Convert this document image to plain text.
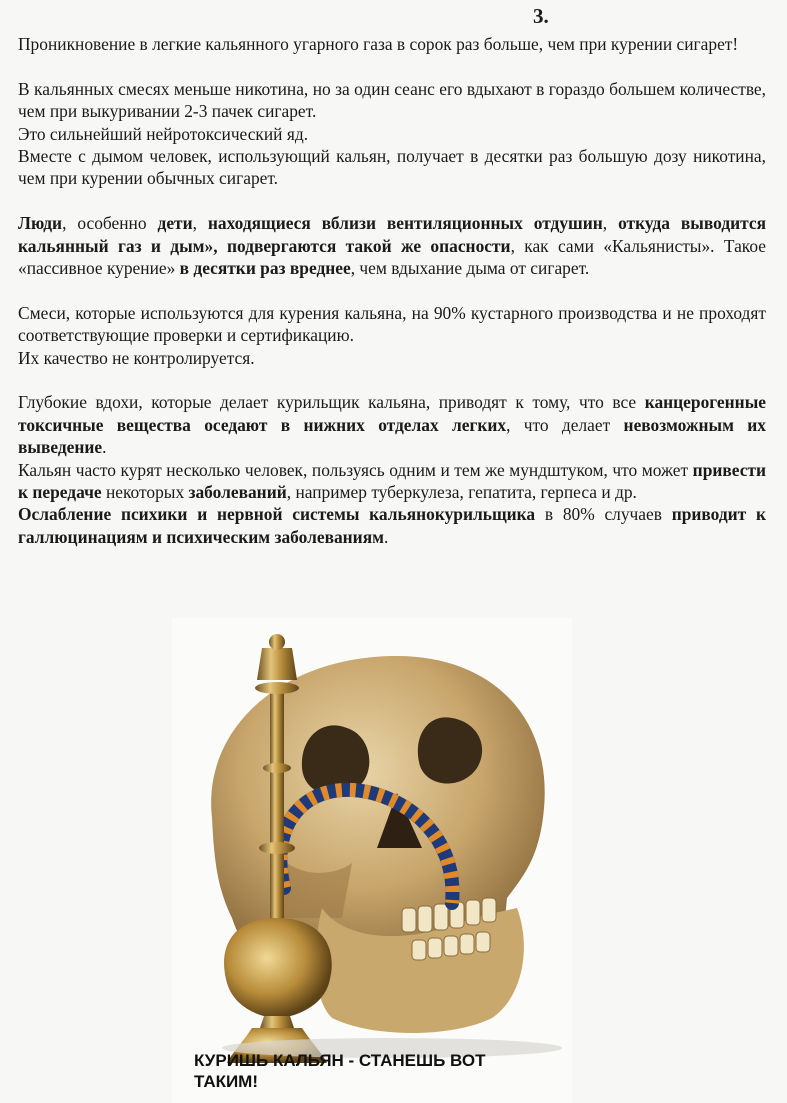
3.

Проникновение в легкие кальянного угарного газа в сорок раз больше, чем при курении сигарет!

В кальянных смесях меньше никотина, но за один сеанс его вдыхают в гораздо большем количестве, чем при выкуривании 2-3 пачек сигарет.

Это сильнейший нейротоксический яд.

Вместе с дымом человек, использующий кальян, получает в десятки раз большую дозу никотина, чем при курении обычных сигарет.

Люди, особенно дети, находящиеся вблизи вентиляционных отдушин, откуда выводится кальянный газ и дым», подвергаются такой же опасности, как сами «Кальянисты». Такое «пассивное курение» в десятки раз вреднее, чем вдыхание дыма от сигарет.

Смеси, которые используются для курения кальяна, на 90% кустарного производства и не проходят соответствующие проверки и сертификацию.

Их качество не контролируется.

Глубокие вдохи, которые делает курильщик кальяна, приводят к тому, что все канцерогенные токсичные вещества оседают в нижних отделах легких, что делает невозможным их выведение.

Кальян часто курят несколько человек, пользуясь одним и тем же мундштуком, что может привести к передаче некоторых заболеваний, например туберкулеза, гепатита, герпеса и др.

Ослабление психики и нервной системы кальянокурильщика в 80% случаев приводит к галлюцинациям и психическим заболеваниям.

КУРИШЬ КАЛЬЯН - СТАНЕШЬ ВОТ ТАКИМ!
